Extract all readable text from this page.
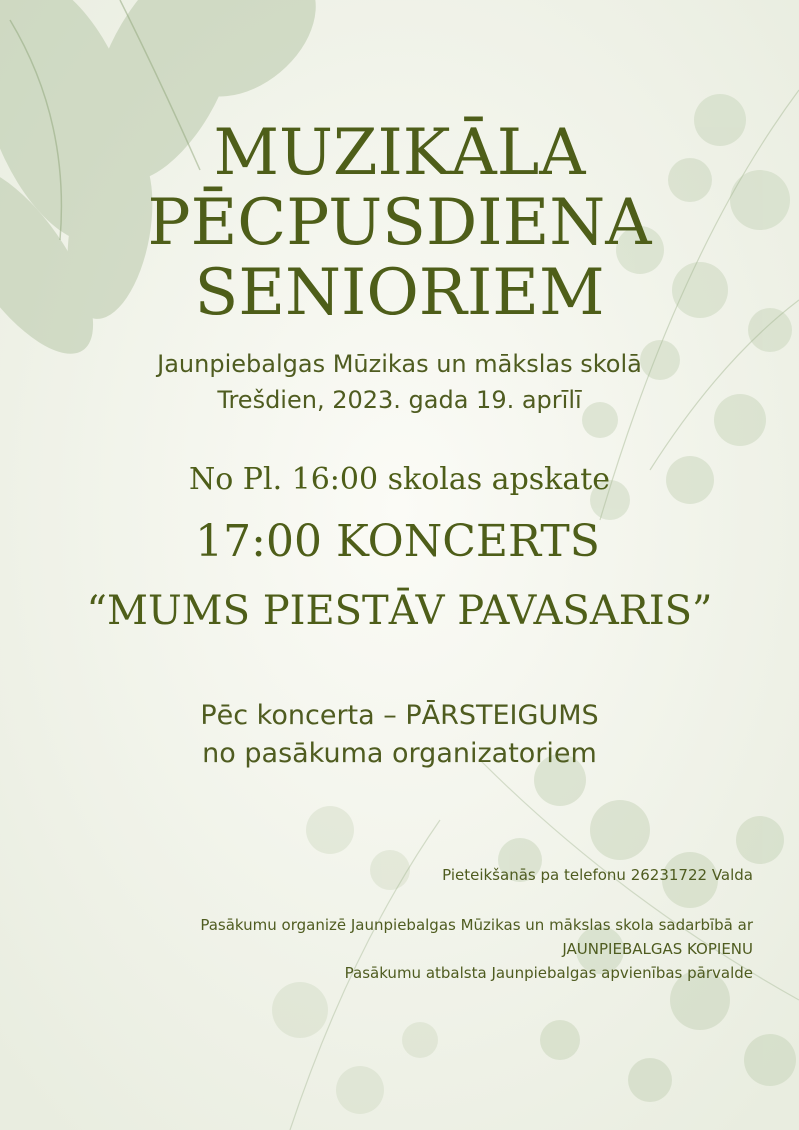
MUZIKĀLA
PĒCPUSDIENA
SENIORIEM
Jaunpiebalgas Mūzikas un mākslas skolā
Trešdien, 2023. gada 19. aprīlī
No Pl. 16:00 skolas apskate
17:00 KONCERTS
“MUMS PIESTĀV PAVASARIS”
Pēc koncerta – PĀRSTEIGUMS
no pasākuma organizatoriem
Pieteikšanās pa telefonu 26231722 Valda
Pasākumu organizē Jaunpiebalgas Mūzikas un mākslas skola sadarbībā ar
JAUNPIEBALGAS KOPIENU
Pasākumu atbalsta Jaunpiebalgas apvienības pārvalde
